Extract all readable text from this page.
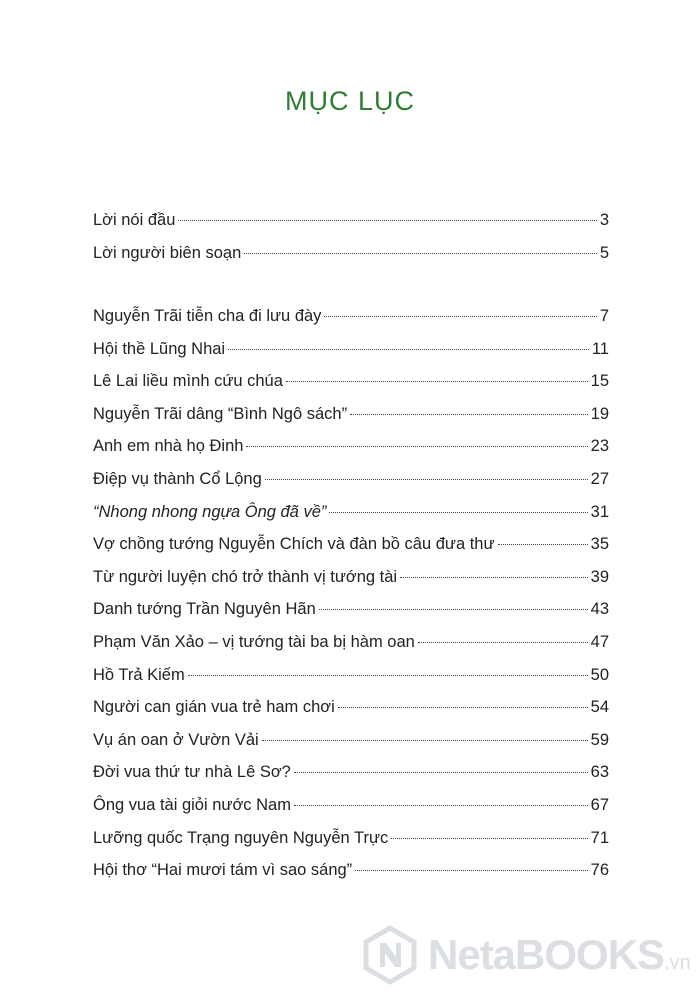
MỤC LỤC
Lời nói đầu	3
Lời người biên soạn	5
Nguyễn Trãi tiễn cha đi lưu đày	7
Hội thề Lũng Nhai	11
Lê Lai liều mình cứu chúa	15
Nguyễn Trãi dâng “Bình Ngô sách”	19
Anh em nhà họ Đinh	23
Điệp vụ thành Cổ Lộng	27
“Nhong nhong ngựa Ông đã về”	31
Vợ chồng tướng Nguyễn Chích và đàn bồ câu đưa thư	35
Từ người luyện chó trở thành vị tướng tài	39
Danh tướng Trần Nguyên Hãn	43
Phạm Văn Xảo – vị tướng tài ba bị hàm oan	47
Hồ Trả Kiếm	50
Người can gián vua trẻ ham chơi	54
Vụ án oan ở Vườn Vải	59
Đời vua thứ tư nhà Lê Sơ?	63
Ông vua tài giỏi nước Nam	67
Lưỡng quốc Trạng nguyên Nguyễn Trực	71
Hội thơ “Hai mươi tám vì sao sáng”	76
NetaBOOKS.vn
